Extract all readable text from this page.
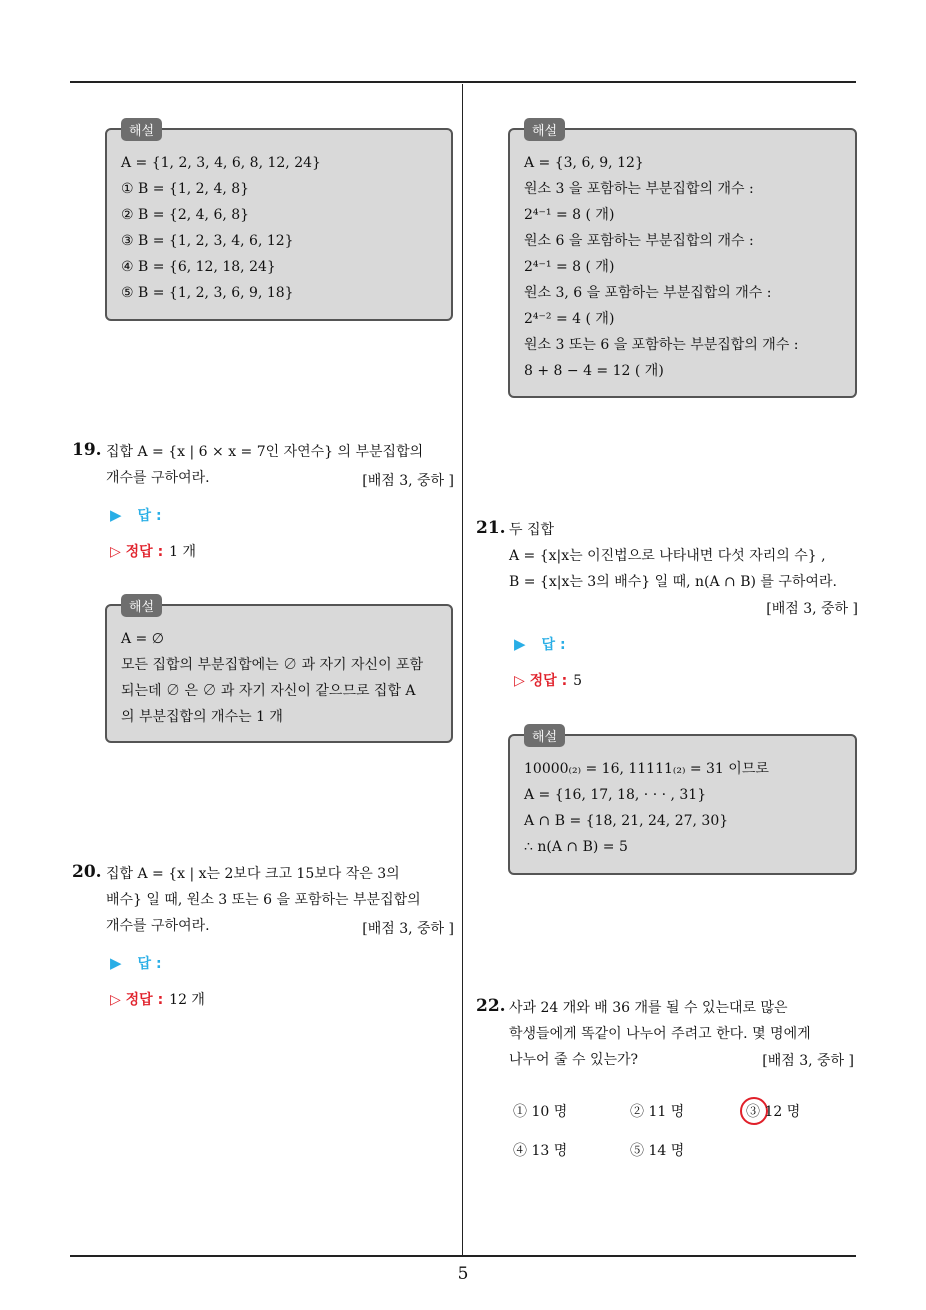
해설
A = {1, 2, 3, 4, 6, 8, 12, 24}
① B = {1, 2, 4, 8}
② B = {2, 4, 6, 8}
③ B = {1, 2, 3, 4, 6, 12}
④ B = {6, 12, 18, 24}
⑤ B = {1, 2, 3, 6, 9, 18}
19. 집합 A = {x | 6 × x = 7인 자연수} 의 부분집합의
개수를 구하여라.	[배점 3, 중하 ]
▶ 답 :
▷ 정답 : 1 개
해설
A = ∅
모든 집합의 부분집합에는 ∅ 과 자기 자신이 포함
되는데 ∅ 은 ∅ 과 자기 자신이 같으므로 집합 A
의 부분집합의 개수는 1 개
20. 집합 A = {x | x는 2보다 크고 15보다 작은 3의
배수} 일 때, 원소 3 또는 6 을 포함하는 부분집합의
개수를 구하여라.	[배점 3, 중하 ]
▶ 답 :
▷ 정답 : 12 개
해설
A = {3, 6, 9, 12}
원소 3 을 포함하는 부분집합의 개수 :
2⁴⁻¹ = 8 ( 개)
원소 6 을 포함하는 부분집합의 개수 :
2⁴⁻¹ = 8 ( 개)
원소 3, 6 을 포함하는 부분집합의 개수 :
2⁴⁻² = 4 ( 개)
원소 3 또는 6 을 포함하는 부분집합의 개수 :
8 + 8 − 4 = 12 ( 개)
21. 두 집합
A = {x|x는 이진법으로 나타내면 다섯 자리의 수} ,
B = {x|x는 3의 배수} 일 때, n(A ∩ B) 를 구하여라.
[배점 3, 중하 ]
▶ 답 :
▷ 정답 : 5
해설
10000₍₂₎ = 16, 11111₍₂₎ = 31 이므로
A = {16, 17, 18, · · · , 31}
A ∩ B = {18, 21, 24, 27, 30}
∴ n(A ∩ B) = 5
22. 사과 24 개와 배 36 개를 될 수 있는대로 많은
학생들에게 똑같이 나누어 주려고 한다. 몇 명에게
나누어 줄 수 있는가?	[배점 3, 중하 ]
① 10 명	② 11 명	③ 12 명
④ 13 명	⑤ 14 명
5
